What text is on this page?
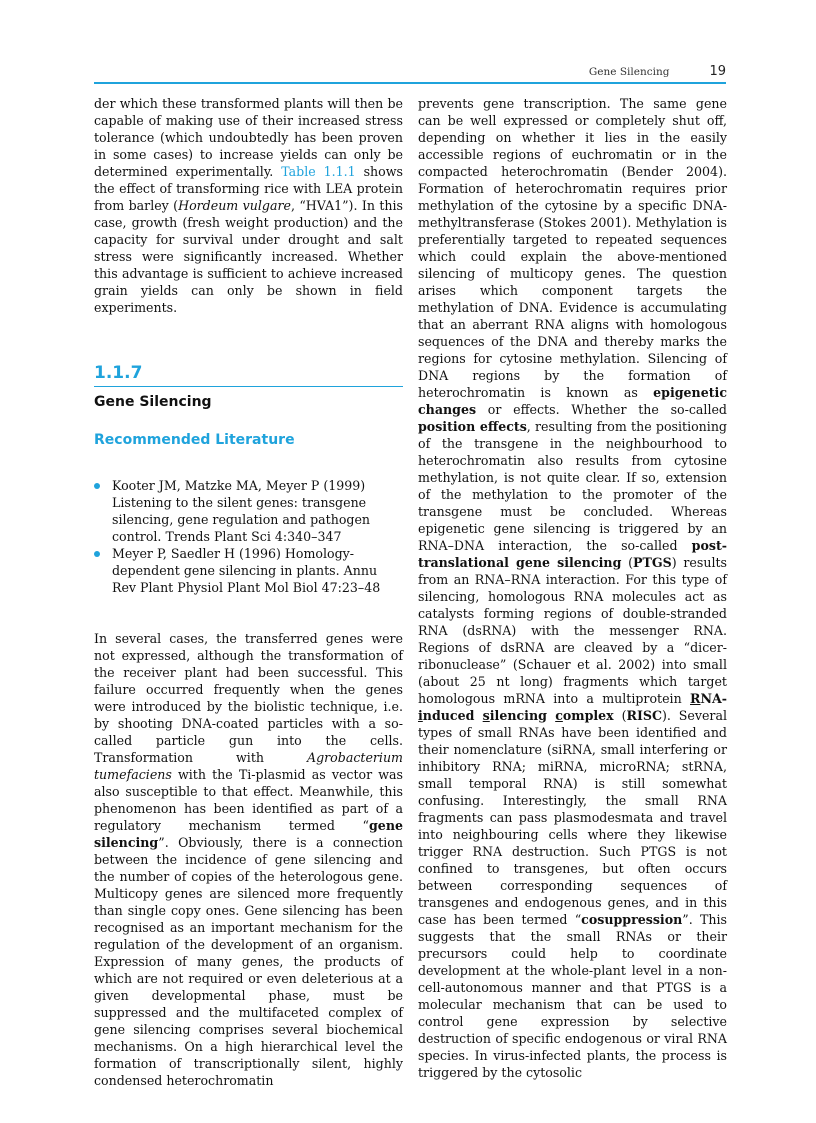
Gene Silencing	19

der which these transformed plants will then be capable of making use of their increased stress tolerance (which undoubtedly has been proven in some cases) to increase yields can only be determined experimentally. Table 1.1.1 shows the effect of transforming rice with LEA protein from barley (Hordeum vulgare, “HVA1”). In this case, growth (fresh weight production) and the capacity for survival under drought and salt stress were significantly increased. Whether this advantage is sufficient to achieve increased grain yields can only be shown in field experiments.

1.1.7
Gene Silencing
Recommended Literature
Kooter JM, Matzke MA, Meyer P (1999) Listening to the silent genes: transgene silencing, gene regulation and pathogen control. Trends Plant Sci 4:340–347
Meyer P, Saedler H (1996) Homology-dependent gene silencing in plants. Annu Rev Plant Physiol Plant Mol Biol 47:23–48

In several cases, the transferred genes were not expressed, although the transformation of the receiver plant had been successful. This failure occurred frequently when the genes were introduced by the biolistic technique, i.e. by shooting DNA-coated particles with a so-called particle gun into the cells. Transformation with Agrobacterium tumefaciens with the Ti-plasmid as vector was also susceptible to that effect. Meanwhile, this phenomenon has been identified as part of a regulatory mechanism termed “gene silencing”. Obviously, there is a connection between the incidence of gene silencing and the number of copies of the heterologous gene. Multicopy genes are silenced more frequently than single copy ones. Gene silencing has been recognised as an important mechanism for the regulation of the development of an organism. Expression of many genes, the products of which are not required or even deleterious at a given developmental phase, must be suppressed and the multifaceted complex of gene silencing comprises several biochemical mechanisms. On a high hierarchical level the formation of transcriptionally silent, highly condensed heterochromatin

prevents gene transcription. The same gene can be well expressed or completely shut off, depending on whether it lies in the easily accessible regions of euchromatin or in the compacted heterochromatin (Bender 2004). Formation of heterochromatin requires prior methylation of the cytosine by a specific DNA-methyltransferase (Stokes 2001). Methylation is preferentially targeted to repeated sequences which could explain the above-mentioned silencing of multicopy genes. The question arises which component targets the methylation of DNA. Evidence is accumulating that an aberrant RNA aligns with homologous sequences of the DNA and thereby marks the regions for cytosine methylation. Silencing of DNA regions by the formation of heterochromatin is known as epigenetic changes or effects. Whether the so-called position effects, resulting from the positioning of the transgene in the neighbourhood to heterochromatin also results from cytosine methylation, is not quite clear. If so, extension of the methylation to the promoter of the transgene must be concluded. Whereas epigenetic gene silencing is triggered by an RNA–DNA interaction, the so-called post-translational gene silencing (PTGS) results from an RNA–RNA interaction. For this type of silencing, homologous RNA molecules act as catalysts forming regions of double-stranded RNA (dsRNA) with the messenger RNA. Regions of dsRNA are cleaved by a “dicer-ribonuclease” (Schauer et al. 2002) into small (about 25 nt long) fragments which target homologous mRNA into a multiprotein RNA-induced silencing complex (RISC). Several types of small RNAs have been identified and their nomenclature (siRNA, small interfering or inhibitory RNA; miRNA, microRNA; stRNA, small temporal RNA) is still somewhat confusing. Interestingly, the small RNA fragments can pass plasmodesmata and travel into neighbouring cells where they likewise trigger RNA destruction. Such PTGS is not confined to transgenes, but often occurs between corresponding sequences of transgenes and endogenous genes, and in this case has been termed “cosuppression”. This suggests that the small RNAs or their precursors could help to coordinate development at the whole-plant level in a non-cell-autonomous manner and that PTGS is a molecular mechanism that can be used to control gene expression by selective destruction of specific endogenous or viral RNA species. In virus-infected plants, the process is triggered by the cytosolic
